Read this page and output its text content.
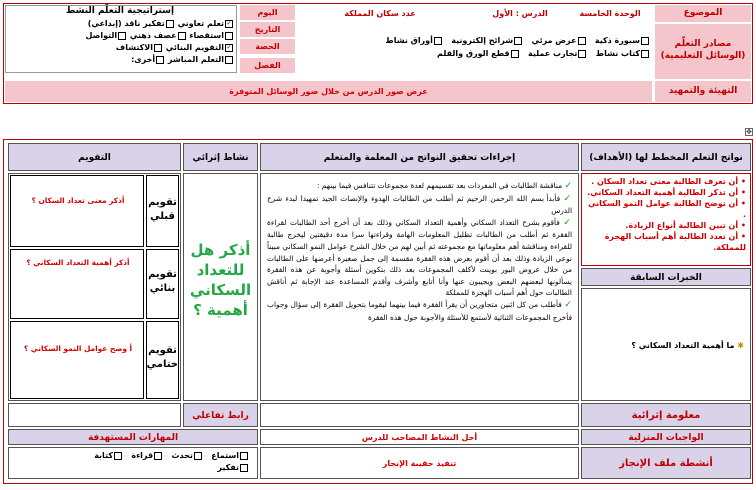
الموضوع
الوحدة الخامسة
الدرس : الأول
عدد سكان المملكة
اليوم
التاريخ
الحصة
الفصل
إستراتيجية التعلّم النشط
✓تعلم تعاوني تفكير ناقد (إبداعي)
استقصاء عصف ذهني التواصل
✓التقويم البنائي الاكتشاف
التعلم المباشر أخرى:
مصادر التعلّم (الوسائل التعليمية)
سبورة ذكية   عرض مرئي   شرائح إلكترونية   أوراق نشاط
كتاب نشاط   تجارب عملية   قطع الورق والقلم
التهيئة والتمهيد
عرض صور الدرس من خلال صور الوسائل المتوفرة
نواتج التعلم المخطط لها (الأهداف)
إجراءات تحقيق النواتج من المعلمة والمتعلم
نشاط إثرائي
التقويم
• أن تعرف الطالبة معنى تعداد السكان .
• أن تذكر الطالبة أهمية التعداد السكاني.
• أن توضح الطالبة عوامل النمو السكاني .
• أن تبين الطالبة أنواع الزيادة.
• أن تعدد الطالبة أهم أسباب الهجرة للمملكة.
الخبرات السابقة
✱ ما أهمية التعداد السكاني ؟
✓ مناقشة الطالبات في المفردات بعد تقسيمهم لعدة مجموعات تتنافس فيما بينهم :
✓ فأبدأ بسم الله الرحمن الرحيم ثم أطلب من الطالبات الهدوء والإنصات الجيد تمهيدا لبدء شرح الدرس
✓ فأقوم بشرح التعداد السكاني وأهمية التعداد السكاني وذلك بعد أن أخرج أحد الطالبات لقراءة الفقرة ثم أطلب من الطالبات تظليل المعلومات الهامة وقراءتها سرا مدة دقيقتين ليخرج طالبة للقراءة ومناقشة أهم معلوماتها مع مجموعته ثم أبين لهم من خلال الشرح عوامل النمو السكاني مبيناً نوعي الزيادة وذلك بعد أن أقوم بعرض هذه الفقرة مقسمة إلى جمل صغيرة أعرضها على الطالبات من خلال عروض البور بوينت لأكلف المجموعات بعد ذلك بتكوين أسئلة وأجوبة عن هذه الفقرة يسألونها لبعضهم البعض ويجيبون عنها وأنا أتابع وأشرف وأقدم المساعدة عند الإجابة ثم أناقش الطالبات حول أهم أسباب الهجرة للمملكة
✓ فأطلب من كل اثنين متجاورين أن يقرأ الفقرة فيما بينهما ليقوما بتحويل الفقرة إلى سؤال وجواب فأخرج المجموعات الثنائية لأستمع للأسئلة والأجوبة حول هذه الفقرة
أذكر هل للتعداد السكاني أهمية ؟
أذكر معنى تعداد السكان ؟	تقويم قبلي
أذكر أهمية التعداد السكاني ؟
تقويم بنائي
أ وضح عوامل النمو السكاني ؟	تقويم ختامي
معلومة إثرائية
رابط تفاعلي
الواجبات المنزلية
أحل النشاط المصاحب للدرس
المهارات المستهدفة
أنشطة ملف الإنجاز
تنفيذ حقيبة الإنجاز
استماع   تحدث   قراءة   كتابة
تفكير
✥
